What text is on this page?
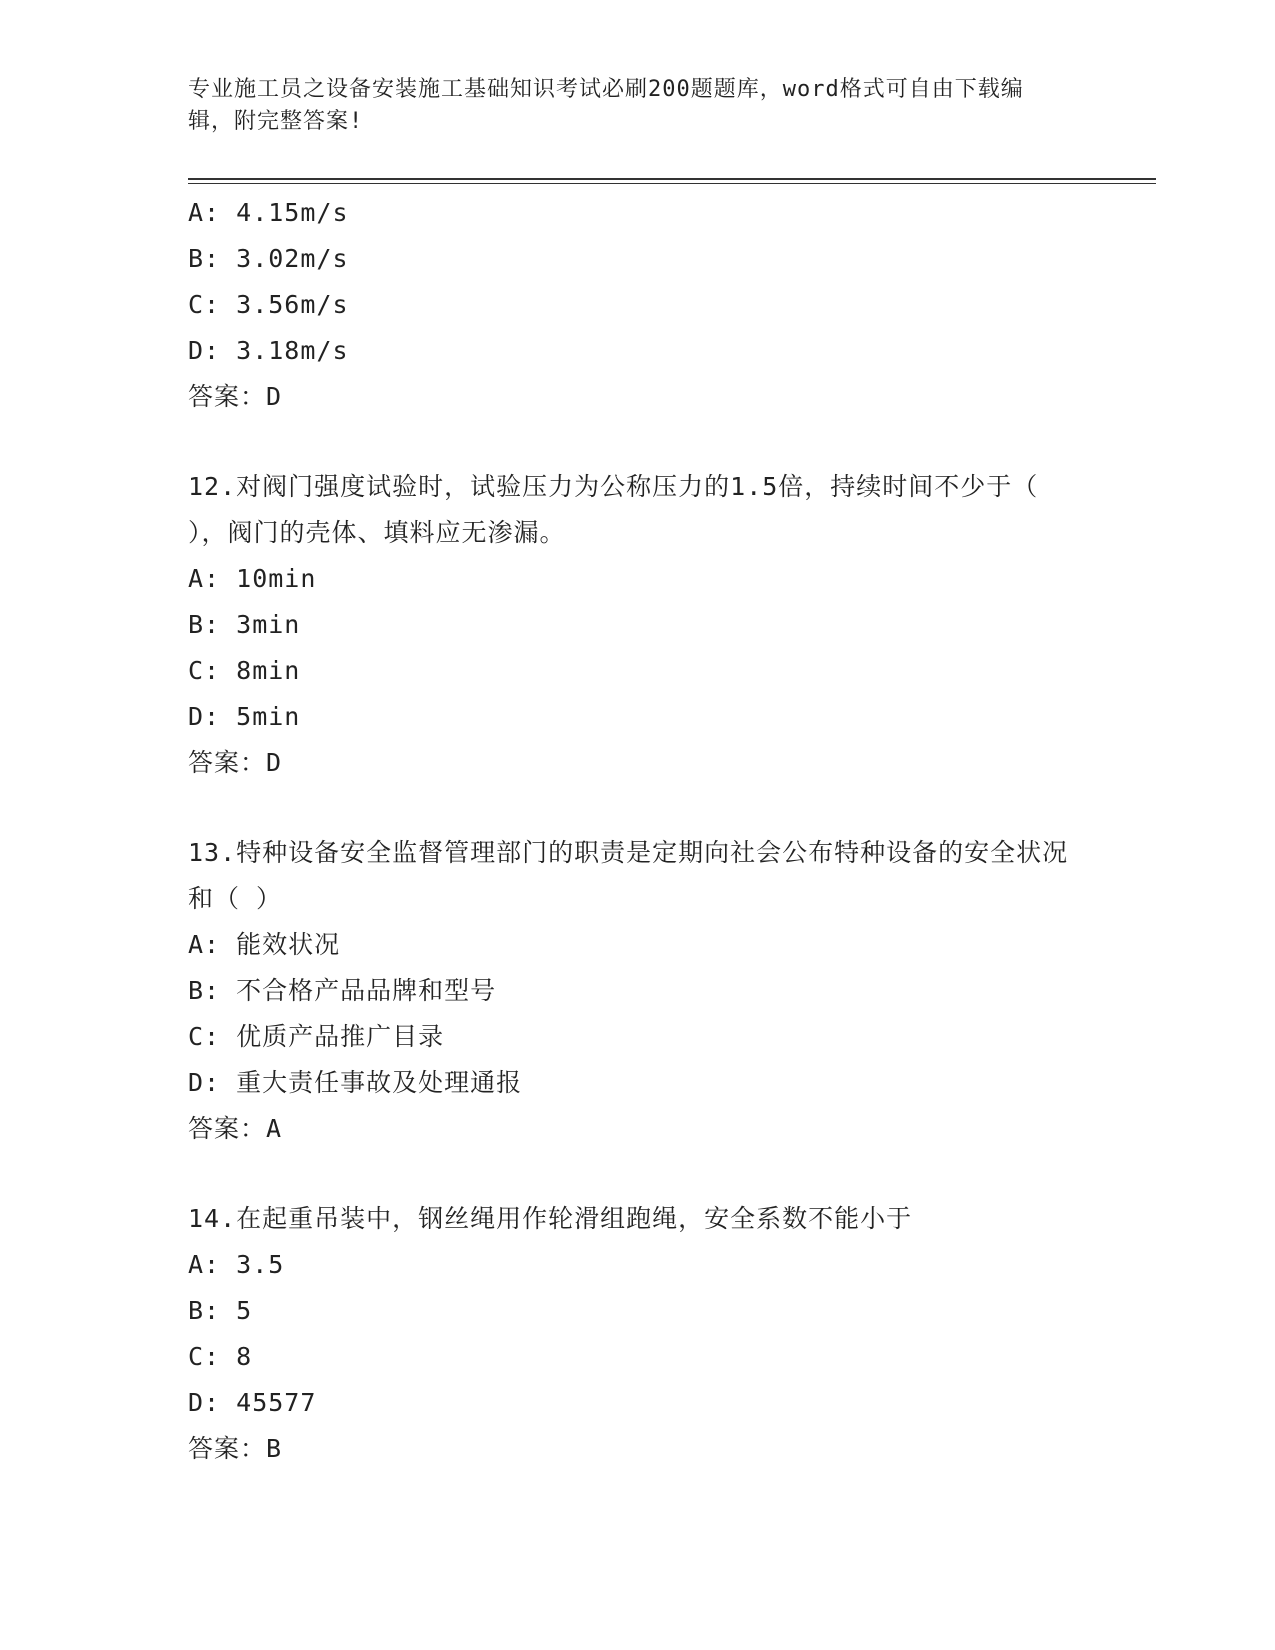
专业施工员之设备安装施工基础知识考试必刷200题题库，word格式可自由下载编辑，附完整答案!
A: 4.15m/s
B: 3.02m/s
C: 3.56m/s
D: 3.18m/s
答案：D
12.对阀门强度试验时，试验压力为公称压力的1.5倍，持续时间不少于（ ），阀门的壳体、填料应无渗漏。
A: 10min
B: 3min
C: 8min
D: 5min
答案：D
13.特种设备安全监督管理部门的职责是定期向社会公布特种设备的安全状况和（ ）
A: 能效状况
B: 不合格产品品牌和型号
C: 优质产品推广目录
D: 重大责任事故及处理通报
答案：A
14.在起重吊装中，钢丝绳用作轮滑组跑绳，安全系数不能小于
A: 3.5
B: 5
C: 8
D: 45577
答案：B
